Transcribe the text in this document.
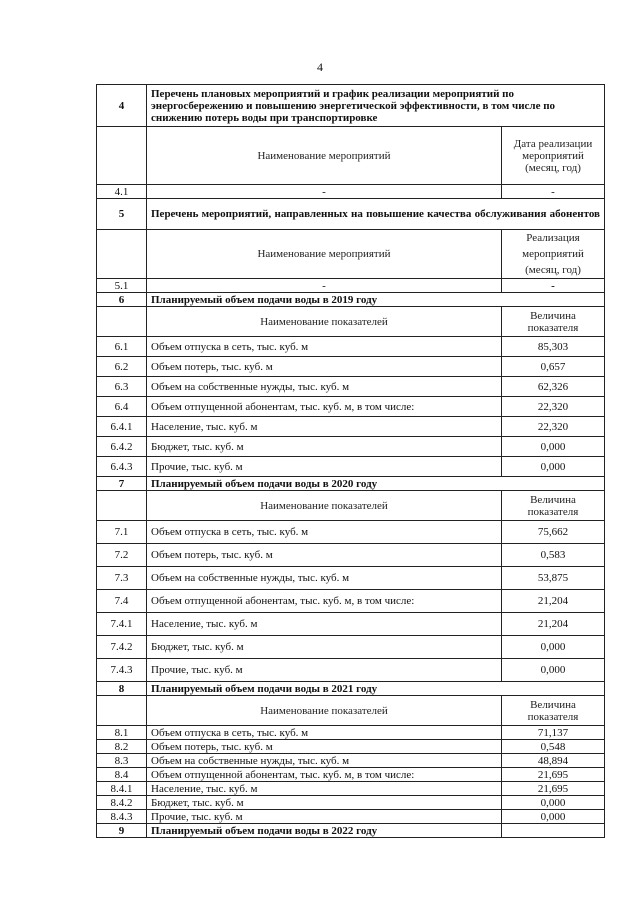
4
4	Перечень плановых мероприятий и график реализации мероприятий по энергосбережению и повышению энергетической эффективности, в том числе по снижению потерь воды при транспортировке	
	Наименование мероприятий	Дата реализации мероприятий (месяц, год)
4.1	-	-
5	Перечень мероприятий, направленных на повышение качества обслуживания абонентов	
	Наименование мероприятий	Реализация мероприятий (месяц, год)
5.1	-	-
6	Планируемый объем подачи воды в 2019 году	
	Наименование показателей	Величина показателя
6.1	Объем отпуска в сеть, тыс. куб. м	85,303
6.2	Объем потерь, тыс. куб. м	0,657
6.3	Объем на собственные нужды, тыс. куб. м	62,326
6.4	Объем отпущенной абонентам, тыс. куб. м, в том числе:	22,320
6.4.1	Население, тыс. куб. м	22,320
6.4.2	Бюджет, тыс. куб. м	0,000
6.4.3	Прочие, тыс. куб. м	0,000
7	Планируемый объем подачи воды в 2020 году	
	Наименование показателей	Величина показателя
7.1	Объем отпуска в сеть, тыс. куб. м	75,662
7.2	Объем потерь, тыс. куб. м	0,583
7.3	Объем на собственные нужды, тыс. куб. м	53,875
7.4	Объем отпущенной абонентам, тыс. куб. м, в том числе:	21,204
7.4.1	Население, тыс. куб. м	21,204
7.4.2	Бюджет, тыс. куб. м	0,000
7.4.3	Прочие, тыс. куб. м	0,000
8	Планируемый объем подачи воды в 2021 году	
	Наименование показателей	Величина показателя
8.1	Объем отпуска в сеть, тыс. куб. м	71,137
8.2	Объем потерь, тыс. куб. м	0,548
8.3	Объем на собственные нужды, тыс. куб. м	48,894
8.4	Объем отпущенной абонентам, тыс. куб. м, в том числе:	21,695
8.4.1	Население, тыс. куб. м	21,695
8.4.2	Бюджет, тыс. куб. м	0,000
8.4.3	Прочие, тыс. куб. м	0,000
9	Планируемый объем подачи воды в 2022 году	
